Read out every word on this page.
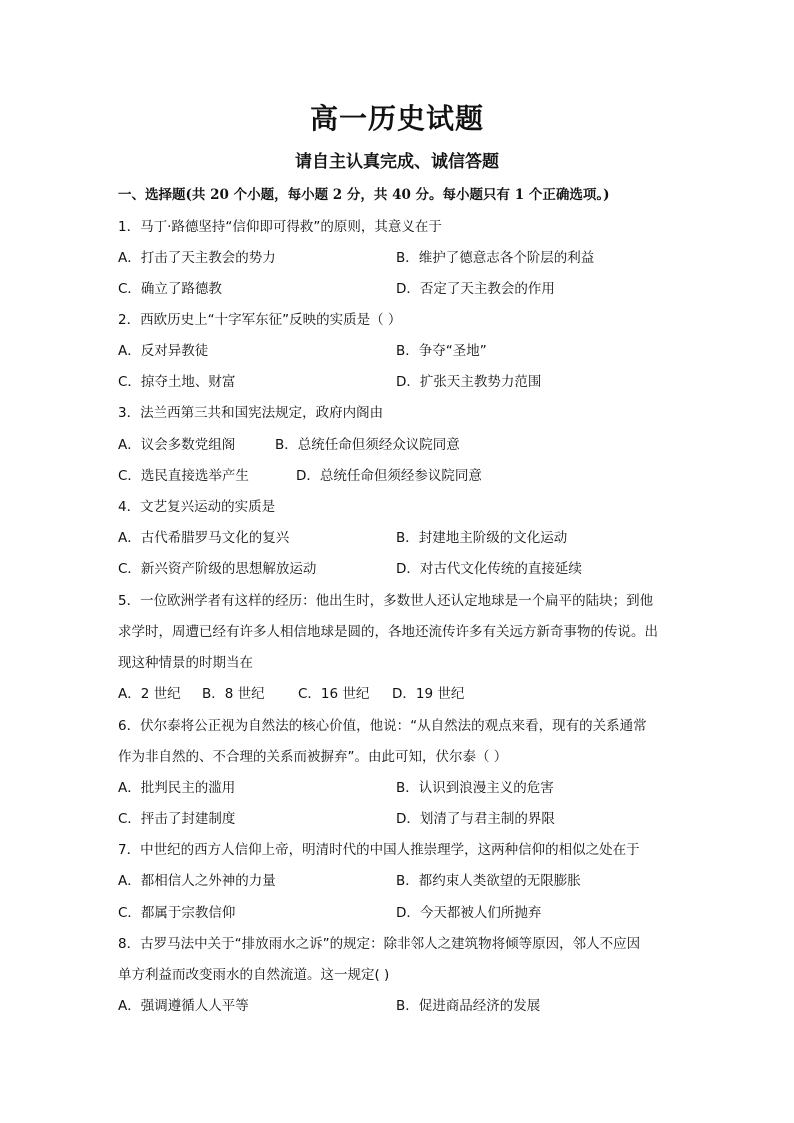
高一历史试题
请自主认真完成、诚信答题
一、选择题(共 20 个小题，每小题 2 分，共 40 分。每小题只有 1 个正确选项。)
1．马丁·路德坚持“信仰即可得救”的原则，其意义在于
A．打击了天主教会的势力	B．维护了德意志各个阶层的利益
C．确立了路德教	D．否定了天主教会的作用
2．西欧历史上“十字军东征”反映的实质是（ ）
A．反对异教徒	B．争夺“圣地”
C．掠夺土地、财富	D．扩张天主教势力范围
3．法兰西第三共和国宪法规定，政府内阁由
A．议会多数党组阁	B．总统任命但须经众议院同意
C．选民直接选举产生	D．总统任命但须经参议院同意
4．文艺复兴运动的实质是
A．古代希腊罗马文化的复兴	B．封建地主阶级的文化运动
C．新兴资产阶级的思想解放运动	D．对古代文化传统的直接延续
5．一位欧洲学者有这样的经历：他出生时，多数世人还认定地球是一个扁平的陆块；到他
求学时，周遭已经有许多人相信地球是圆的，各地还流传许多有关远方新奇事物的传说。出
现这种情景的时期当在
A．2 世纪 B．8 世纪 C．16 世纪 D．19 世纪
6．伏尔泰将公正视为自然法的核心价值，他说：“从自然法的观点来看，现有的关系通常
作为非自然的、不合理的关系而被摒弃”。由此可知，伏尔泰（ ）
A．批判民主的滥用	B．认识到浪漫主义的危害
C．抨击了封建制度	D．划清了与君主制的界限
7．中世纪的西方人信仰上帝，明清时代的中国人推崇理学，这两种信仰的相似之处在于
A．都相信人之外神的力量	B．都约束人类欲望的无限膨胀
C．都属于宗教信仰	D．今天都被人们所抛弃
8．古罗马法中关于“排放雨水之诉”的规定：除非邻人之建筑物将倾等原因，邻人不应因
单方利益而改变雨水的自然流道。这一规定( )
A．强调遵循人人平等	B．促进商品经济的发展
